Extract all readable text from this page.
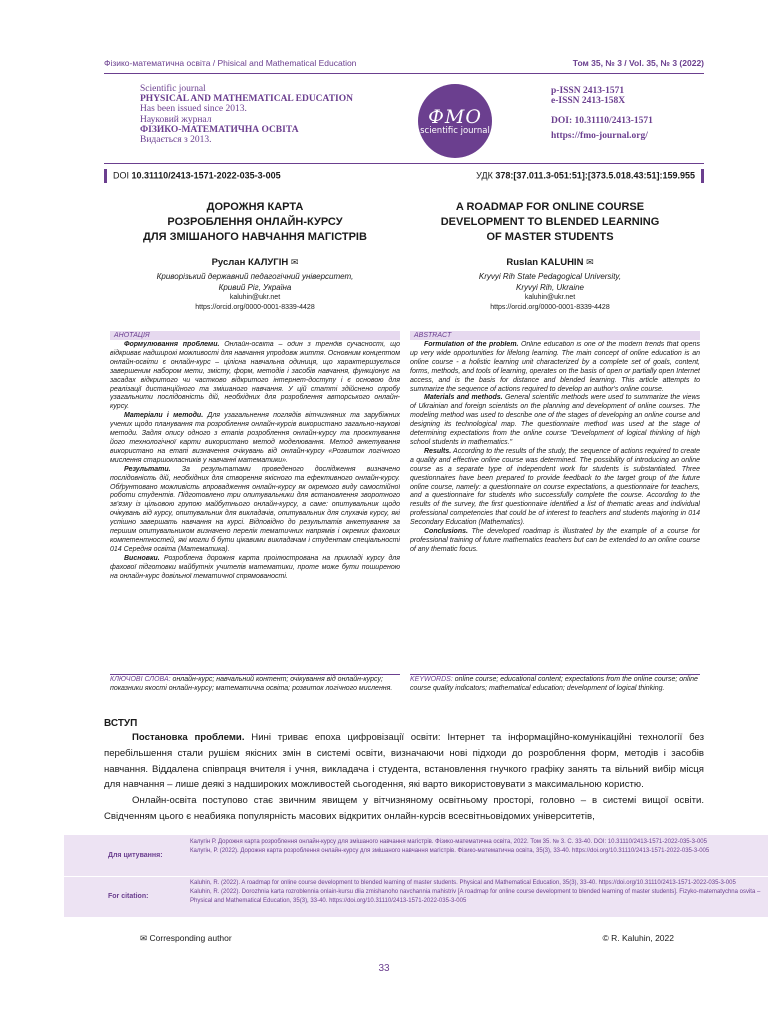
Фізико-математична освіта / Phisical and Mathematical Education	Том 35, № 3 / Vol. 35, № 3 (2022)
Scientific journal
PHYSICAL AND MATHEMATICAL EDUCATION
Has been issued since 2013.
Науковий журнал
ФІЗИКО-МАТЕМАТИЧНА ОСВІТА
Видається з 2013.
ФМО
scientific journal
p-ISSN 2413-1571
e-ISSN 2413-158X
DOI: 10.31110/2413-1571
https://fmo-journal.org/
DOI 10.31110/2413-1571-2022-035-3-005	УДК 378:[37.011.3-051:51]:[373.5.018.43:51]:159.955
ДОРОЖНЯ КАРТА
РОЗРОБЛЕННЯ ОНЛАЙН-КУРСУ
ДЛЯ ЗМІШАНОГО НАВЧАННЯ МАГІСТРІВ
Руслан КАЛУГІН ✉
Криворізький державний педагогічний університет,
Кривий Ріг, Україна
kaluhin@ukr.net
https://orcid.org/0000-0001-8339-4428
A ROADMAP FOR ONLINE COURSE
DEVELOPMENT TO BLENDED LEARNING
OF MASTER STUDENTS
Ruslan KALUHIN ✉
Kryvyi Rih State Pedagogical University,
Kryvyi Rih, Ukraine
kaluhin@ukr.net
https://orcid.org/0000-0001-8339-4428
АНОТАЦІЯ

Формулювання проблеми. Онлайн-освіта – один з трендів сучасності, що відкриває надширокі можливості для навчання упродовж життя. Основним концептом онлайн-освіти є онлайн-курс – цілісна навчальна одиниця, що характеризується завершеним набором мети, змісту, форм, методів і засобів навчання, функціонує на засадах відкритого чи частково відкритого інтернет-доступу і є основою для реалізації дистанційного та змішаного навчання. У цій статті здійснено спробу узагальнити послідовність дій, необхідних для розроблення авторського онлайн-курсу.

Матеріали і методи. Для узагальнення поглядів вітчизняних та зарубіжних учених щодо планування та розроблення онлайн-курсів використано загально-наукові методи. Задля опису одного з етапів розроблення онлайн-курсу та проєктування його технологічної карти використано метод моделювання. Метод анкетування використано на етапі визначення очікувань від онлайн-курсу «Розвиток логічного мислення старшокласників у навчанні математики».

Результати. За результатами проведеного дослідження визначено послідовність дій, необхідних для створення якісного та ефективного онлайн-курсу. Обґрунтовано можливість впровадження онлайн-курсу як окремого виду самостійної роботи студентів. Підготовлено три опитувальники для встановлення зворотного зв'язку із цільовою групою майбутнього онлайн-курсу, а саме: опитувальник щодо очікувань від курсу, опитувальник для викладачів, опитувальник для слухачів курсу, які успішно завершать навчання на курсі. Відповідно до результатів анкетування за першим опитувальником визначено перелік тематичних напрямів і окремих фахових компетентностей, які могли б бути цікавими викладачам і студентам спеціальності 014 Середня освіта (Математика).

Висновки. Розроблена дорожня карта проілюстрована на прикладі курсу для фахової підготовки майбутніх учителів математики, проте може бути поширеною на онлайн-курс довільної тематичної спрямованості.

КЛЮЧОВІ СЛОВА: онлайн-курс; навчальний контент; очікування від онлайн-курсу; показники якості онлайн-курсу; математична освіта; розвиток логічного мислення.
ABSTRACT

Formulation of the problem. Online education is one of the modern trends that opens up very wide opportunities for lifelong learning. The main concept of online education is an online course - a holistic learning unit characterized by a complete set of goals, content, forms, methods, and tools of learning, operates on the basis of open or partially open Internet access, and is the basis for distance and blended learning. This article attempts to summarize the sequence of actions required to develop an author's online course.

Materials and methods. General scientific methods were used to summarize the views of Ukrainian and foreign scientists on the planning and development of online courses. The modeling method was used to describe one of the stages of developing an online course and designing its technological map. The questionnaire method was used at the stage of determining expectations from the online course "Development of logical thinking of high school students in mathematics."

Results. According to the results of the study, the sequence of actions required to create a quality and effective online course was determined. The possibility of introducing an online course as a separate type of independent work for students is substantiated. Three questionnaires have been prepared to provide feedback to the target group of the future online course, namely: a questionnaire on course expectations, a questionnaire for teachers, and a questionnaire for students who successfully complete the course. According to the results of the survey, the first questionnaire identified a list of thematic areas and individual professional competencies that could be of interest to teachers and students majoring in 014 Secondary Education (Mathematics).

Conclusions. The developed roadmap is illustrated by the example of a course for professional training of future mathematics teachers but can be extended to an online course of any thematic focus.

KEYWORDS: online course; educational content; expectations from the online course; online course quality indicators; mathematical education; development of logical thinking.
ВСТУП

Постановка проблеми. Нині триває епоха цифровізації освіти: Інтернет та інформаційно-комунікаційні технології без перебільшення стали рушієм якісних змін в системі освіти, визначаючи нові підходи до розроблення форм, методів і засобів навчання. Віддалена співпраця вчителя і учня, викладача і студента, встановлення гнучкого графіку занять та вільний вибір місця для навчання – лише деякі з надшироких можливостей сьогодення, які варто використовувати з максимальною користю.

Онлайн-освіта поступово стає звичним явищем у вітчизняному освітньому просторі, головно – в системі вищої освіти. Свідченням цього є неабияка популярність масових відкритих онлайн-курсів всесвітньовідомих університетів,

Для цитування:
Калугін Р. Дорожня карта розроблення онлайн-курсу для змішаного навчання магістрів. Фізико-математична освіта, 2022. Том 35. № 3. С. 33-40. DOI: 10.31110/2413-1571-2022-035-3-005
Калугін, Р. (2022). Дорожня карта розроблення онлайн-курсу для змішаного навчання магістрів. Фізико-математична освіта, 35(3), 33-40. https://doi.org/10.31110/2413-1571-2022-035-3-005
For citation:
Kaluhin, R. (2022). A roadmap for online course development to blended learning of master students. Physical and Mathematical Education, 35(3), 33-40. https://doi.org/10.31110/2413-1571-2022-035-3-005
Kaluhin, R. (2022). Dorozhnia karta rozroblennia onlain-kursu dlia zmishanoho navchannia mahistriv [A roadmap for online course development to blended learning of master students]. Fizyko-matematychna osvita – Physical and Mathematical Education, 35(3), 33-40. https://doi.org/10.31110/2413-1571-2022-035-3-005
✉ Corresponding author	© R. Kaluhin, 2022
33
